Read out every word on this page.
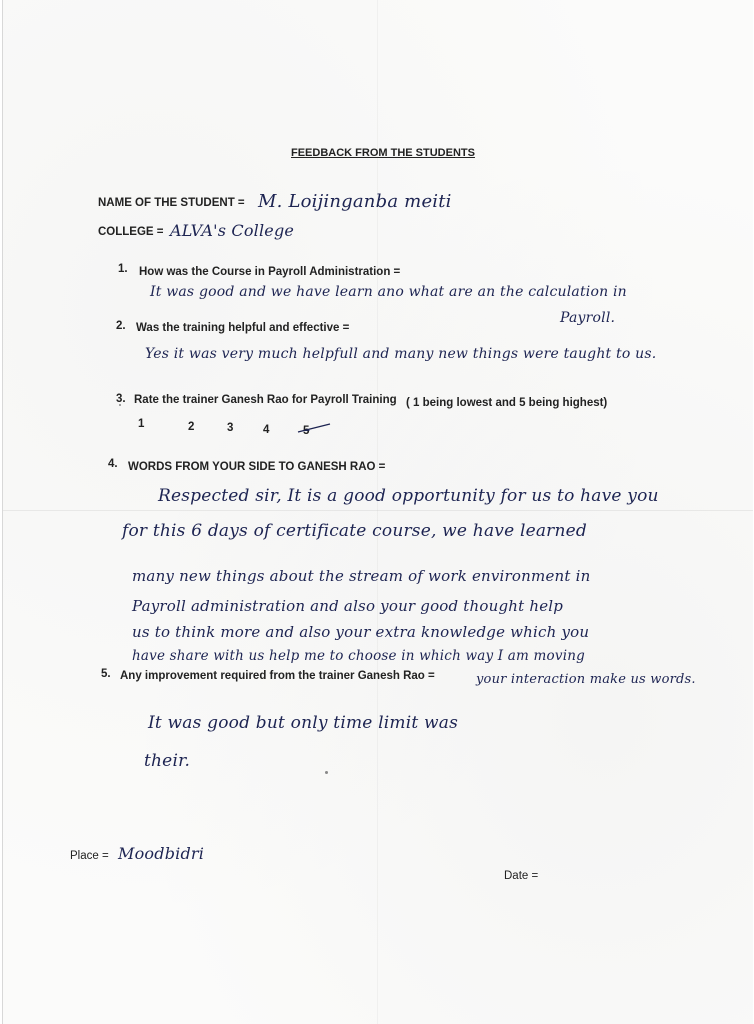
FEEDBACK FROM THE STUDENTS
NAME OF THE STUDENT = M. Loijinganba meiti
COLLEGE = ALVA's College
1. How was the Course in Payroll Administration =
It was good and we have learn ano what are an the calculation in
Payroll.
2. Was the training helpful and effective =
Yes it was very much helpfull and many new things were taught to us.
3. Rate the trainer Ganesh Rao for Payroll Training ( 1 being lowest and 5 being highest)
1	2	3	4	5
4. WORDS FROM YOUR SIDE TO GANESH RAO =
Respected sir, It is a good opportunity for us to have you
for this 6 days of certificate course, we have learned
many new things about the stream of work environment in
Payroll administration and also your good thought help
us to think more and also your extra knowledge which you
have share with us help me to choose in which way I am moving
5. Any improvement required from the trainer Ganesh Rao =	your interaction make us words.
It was good but only time limit was
their.
Place = Moodbidri
Date =
